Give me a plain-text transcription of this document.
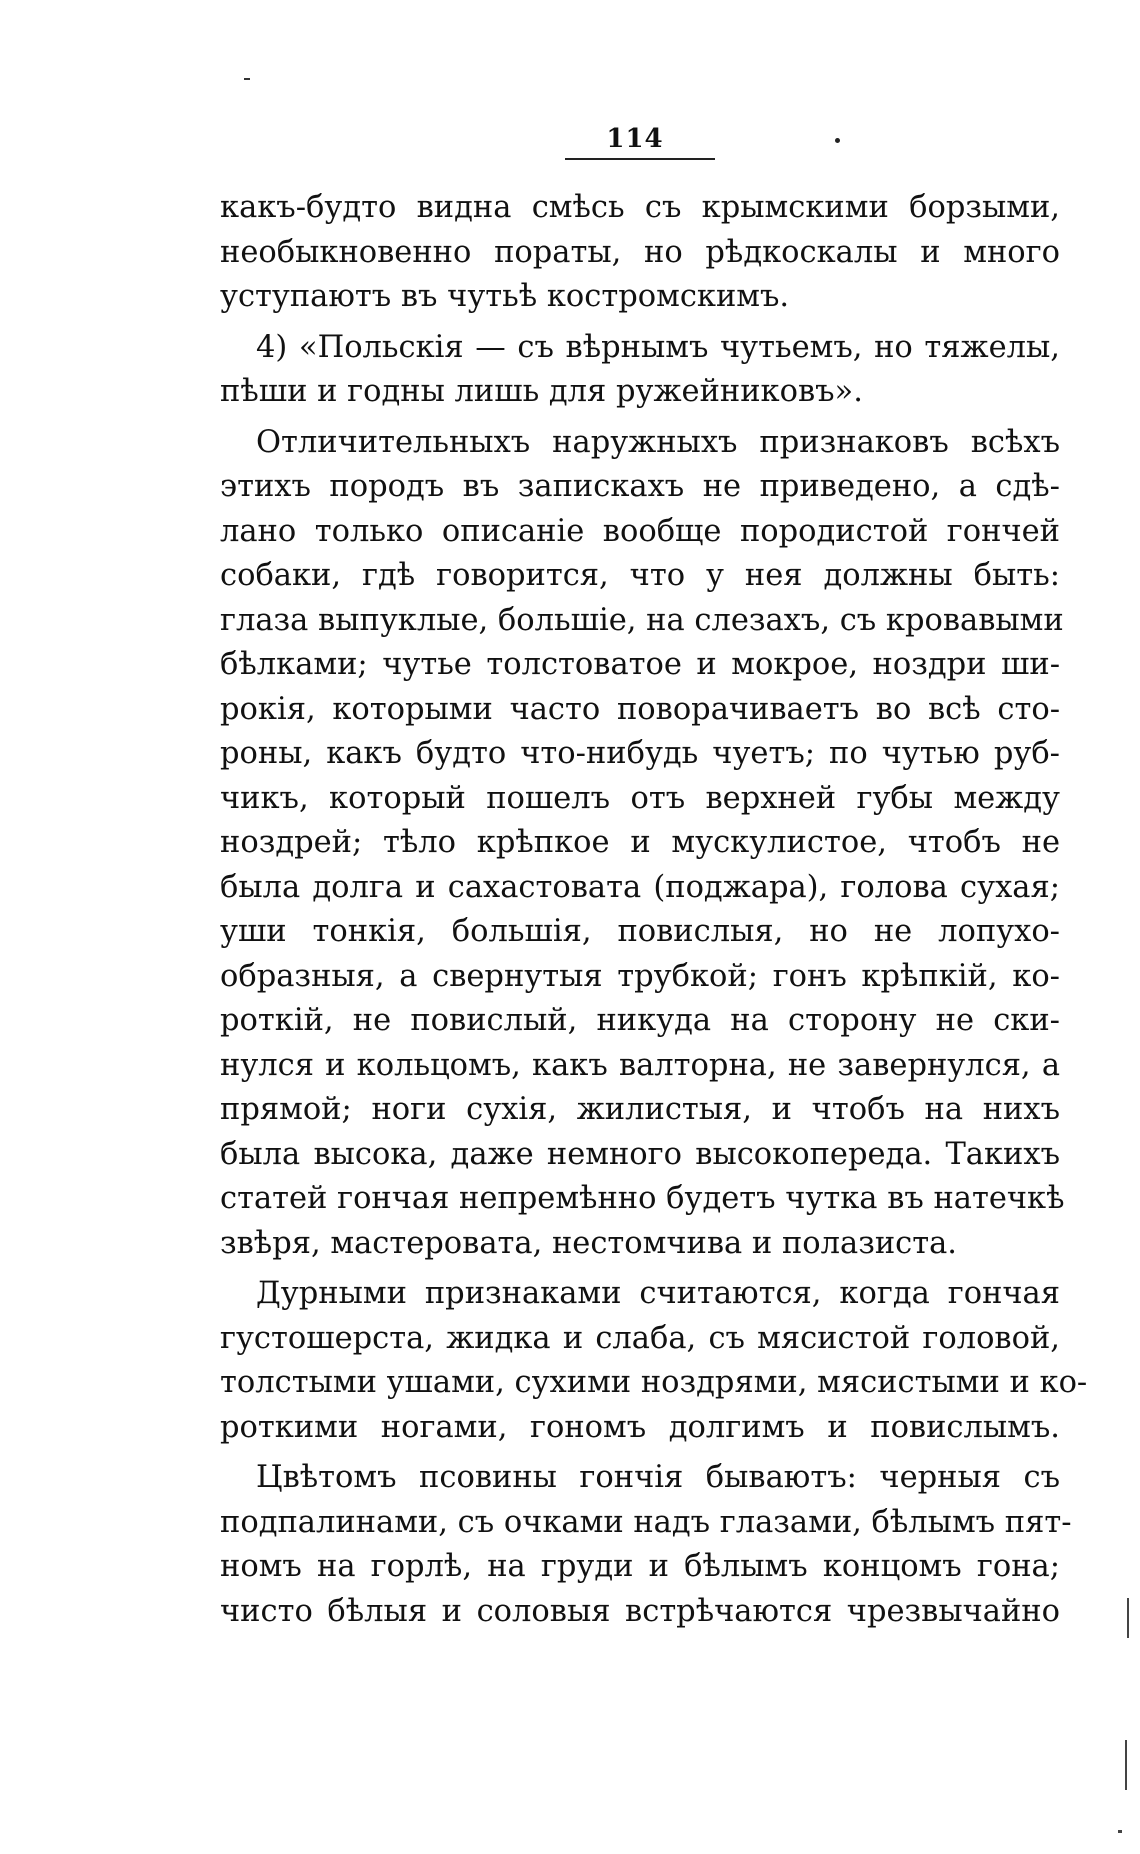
114
какъ-будто видна смѣсь съ крымскими борзыми,
необыкновенно пораты, но рѣдкоскалы и много
уступаютъ въ чутьѣ костромскимъ.
4) «Польскія — съ вѣрнымъ чутьемъ, но тяжелы,
пѣши и годны лишь для ружейниковъ».
Отличительныхъ наружныхъ признаковъ всѣхъ
этихъ породъ въ запискахъ не приведено, а сдѣ-
лано только описаніе вообще породистой гончей
собаки, гдѣ говорится, что у нея должны быть:
глаза выпуклые, большіе, на слезахъ, съ кровавыми
бѣлками; чутье толстоватое и мокрое, ноздри ши-
рокія, которыми часто поворачиваетъ во всѣ сто-
роны, какъ будто что-нибудь чуетъ; по чутью руб-
чикъ, который пошелъ отъ верхней губы между
ноздрей; тѣло крѣпкое и мускулистое, чтобъ не
была долга и сахастовата (поджара), голова сухая;
уши тонкія, большія, повислыя, но не лопухо-
образныя, а свернутыя трубкой; гонъ крѣпкій, ко-
роткій, не повислый, никуда на сторону не ски-
нулся и кольцомъ, какъ валторна, не завернулся, а
прямой; ноги сухія, жилистыя, и чтобъ на нихъ
была высока, даже немного высокопереда. Такихъ
статей гончая непремѣнно будетъ чутка въ натечкѣ
звѣря, мастеровата, нестомчива и полазиста.
Дурными признаками считаются, когда гончая
густошерста, жидка и слаба, съ мясистой головой,
толстыми ушами, сухими ноздрями, мясистыми и ко-
роткими ногами, гономъ долгимъ и повислымъ.
Цвѣтомъ псовины гончія бываютъ: черныя съ
подпалинами, съ очками надъ глазами, бѣлымъ пят-
номъ на горлѣ, на груди и бѣлымъ концомъ гона;
чисто бѣлыя и соловыя встрѣчаются чрезвычайно
